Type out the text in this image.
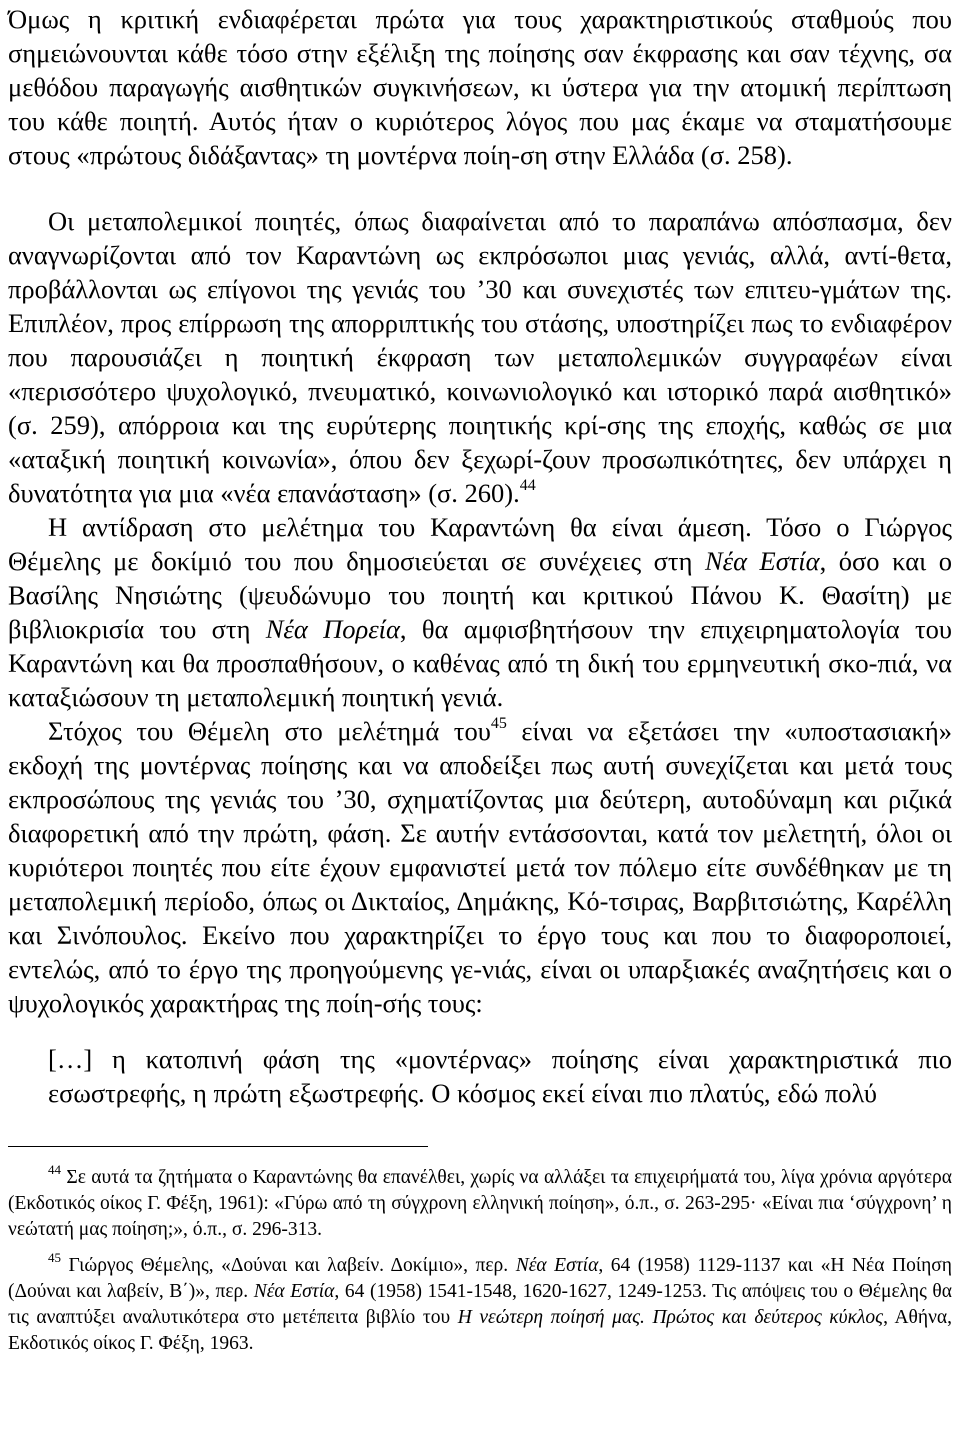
Όμως η κριτική ενδιαφέρεται πρώτα για τους χαρακτηριστικούς σταθμούς που σημειώνουνται κάθε τόσο στην εξέλιξη της ποίησης σαν έκφρασης και σαν τέχνης, σα μεθόδου παραγωγής αισθητικών συγκινήσεων, κι ύστερα για την ατομική περίπτωση του κάθε ποιητή. Αυτός ήταν ο κυριότερος λόγος που μας έκαμε να σταματήσουμε στους «πρώτους διδάξαντας» τη μοντέρνα ποίη-ση στην Ελλάδα (σ. 258).

Οι μεταπολεμικοί ποιητές, όπως διαφαίνεται από το παραπάνω απόσπασμα, δεν αναγνωρίζονται από τον Καραντώνη ως εκπρόσωποι μιας γενιάς, αλλά, αντί-θετα, προβάλλονται ως επίγονοι της γενιάς του ’30 και συνεχιστές των επιτευ-γμάτων της. Επιπλέον, προς επίρρωση της απορριπτικής του στάσης, υποστηρίζει πως το ενδιαφέρον που παρουσιάζει η ποιητική έκφραση των μεταπολεμικών συγγραφέων είναι «περισσότερο ψυχολογικό, πνευματικό, κοινωνιολογικό και ιστορικό παρά αισθητικό» (σ. 259), απόρροια και της ευρύτερης ποιητικής κρί-σης της εποχής, καθώς σε μια «αταξική ποιητική κοινωνία», όπου δεν ξεχωρί-ζουν προσωπικότητες, δεν υπάρχει η δυνατότητα για μια «νέα επανάσταση» (σ. 260).$^{44}$

Η αντίδραση στο μελέτημα του Καραντώνη θα είναι άμεση. Τόσο ο Γιώργος Θέμελης με δοκίμιό του που δημοσιεύεται σε συνέχειες στη Νέα Εστία, όσο και ο Βασίλης Νησιώτης (ψευδώνυμο του ποιητή και κριτικού Πάνου Κ. Θασίτη) με βιβλιοκρισία του στη Νέα Πορεία, θα αμφισβητήσουν την επιχειρηματολογία του Καραντώνη και θα προσπαθήσουν, ο καθένας από τη δική του ερμηνευτική σκο-πιά, να καταξιώσουν τη μεταπολεμική ποιητική γενιά.

Στόχος του Θέμελη στο μελέτημά του$^{45}$ είναι να εξετάσει την «υποστασιακή» εκδοχή της μοντέρνας ποίησης και να αποδείξει πως αυτή συνεχίζεται και μετά τους εκπροσώπους της γενιάς του ’30, σχηματίζοντας μια δεύτερη, αυτοδύναμη και ριζικά διαφορετική από την πρώτη, φάση. Σε αυτήν εντάσσονται, κατά τον μελετητή, όλοι οι κυριότεροι ποιητές που είτε έχουν εμφανιστεί μετά τον πόλεμο είτε συνδέθηκαν με τη μεταπολεμική περίοδο, όπως οι Δικταίος, Δημάκης, Κό-τσιρας, Βαρβιτσιώτης, Καρέλλη και Σινόπουλος. Εκείνο που χαρακτηρίζει το έργο τους και που το διαφοροποιεί, εντελώς, από το έργο της προηγούμενης γε-νιάς, είναι οι υπαρξιακές αναζητήσεις και ο ψυχολογικός χαρακτήρας της ποίη-σής τους:

[…] η κατοπινή φάση της «μοντέρνας» ποίησης είναι χαρακτηριστικά πιο εσωστρεφής, η πρώτη εξωστρεφής. Ο κόσμος εκεί είναι πιο πλατύς, εδώ πολύ

$^{44}$ Σε αυτά τα ζητήματα ο Καραντώνης θα επανέλθει, χωρίς να αλλάξει τα επιχειρήματά του, λίγα χρόνια αργότερα (Εκδοτικός οίκος Γ. Φέξη, 1961): «Γύρω από τη σύγχρονη ελληνική ποίηση», ό.π., σ. 263-295· «Είναι πια ‘σύγχρονη’ η νεώτατή μας ποίηση;», ό.π., σ. 296-313.

$^{45}$ Γιώργος Θέμελης, «Δούναι και λαβείν. Δοκίμιο», περ. Νέα Εστία, 64 (1958) 1129-1137 και «Η Νέα Ποίηση (Δούναι και λαβείν, Β΄)», περ. Νέα Εστία, 64 (1958) 1541-1548, 1620-1627, 1249-1253. Τις απόψεις του ο Θέμελης θα τις αναπτύξει αναλυτικότερα στο μετέπειτα βιβλίο του Η νεώτερη ποίησή μας. Πρώτος και δεύτερος κύκλος, Αθήνα, Εκδοτικός οίκος Γ. Φέξη, 1963.
